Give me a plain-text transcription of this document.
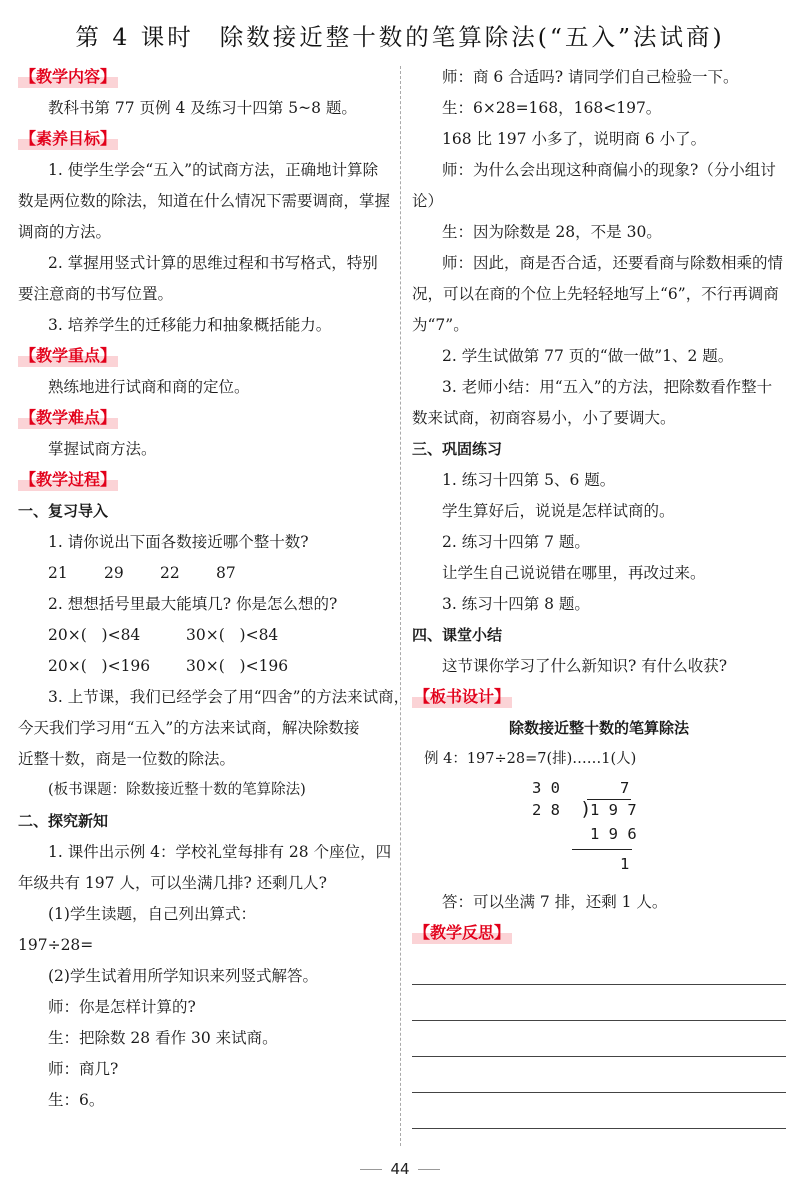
第 4 课时 除数接近整十数的笔算除法(“五入”法试商)
【教学内容】
教科书第 77 页例 4 及练习十四第 5~8 题。
【素养目标】
1. 使学生学会“五入”的试商方法，正确地计算除
数是两位数的除法，知道在什么情况下需要调商，掌握
调商的方法。
2. 掌握用竖式计算的思维过程和书写格式，特别
要注意商的书写位置。
3. 培养学生的迁移能力和抽象概括能力。
【教学重点】
熟练地进行试商和商的定位。
【教学难点】
掌握试商方法。
【教学过程】
一、复习导入
1. 请你说出下面各数接近哪个整十数?
21 29 22 87
2. 想想括号里最大能填几? 你是怎么想的?
20×(   )<84	30×(   )<84
20×(   )<196 30×(   )<196
3. 上节课，我们已经学会了用“四舍”的方法来试商，
今天我们学习用“五入”的方法来试商，解决除数接
近整十数，商是一位数的除法。
(板书课题：除数接近整十数的笔算除法)
二、探究新知
1. 课件出示例 4：学校礼堂每排有 28 个座位，四
年级共有 197 人，可以坐满几排? 还剩几人?
(1)学生读题，自己列出算式：
197÷28=
(2)学生试着用所学知识来列竖式解答。
师：你是怎样计算的?
生：把除数 28 看作 30 来试商。
师：商几?
生：6。
师：商 6 合适吗? 请同学们自己检验一下。
生：6×28=168，168<197。
168 比 197 小多了，说明商 6 小了。
师：为什么会出现这种商偏小的现象?（分小组讨
论）
生：因为除数是 28，不是 30。
师：因此，商是否合适，还要看商与除数相乘的情
况，可以在商的个位上先轻轻地写上“6”，不行再调商
为“7”。
2. 学生试做第 77 页的“做一做”1、2 题。
3. 老师小结：用“五入”的方法，把除数看作整十
数来试商，初商容易小，小了要调大。
三、巩固练习
1. 练习十四第 5、6 题。
学生算好后，说说是怎样试商的。
2. 练习十四第 7 题。
让学生自己说说错在哪里，再改过来。
3. 练习十四第 8 题。
四、课堂小结
这节课你学习了什么新知识? 有什么收获?
【板书设计】
除数接近整十数的笔算除法
例 4：197÷28=7(排)……1(人)
3 0	7
)
2 8 1 9 7
1 9 6
1
答：可以坐满 7 排，还剩 1 人。
【教学反思】
44
